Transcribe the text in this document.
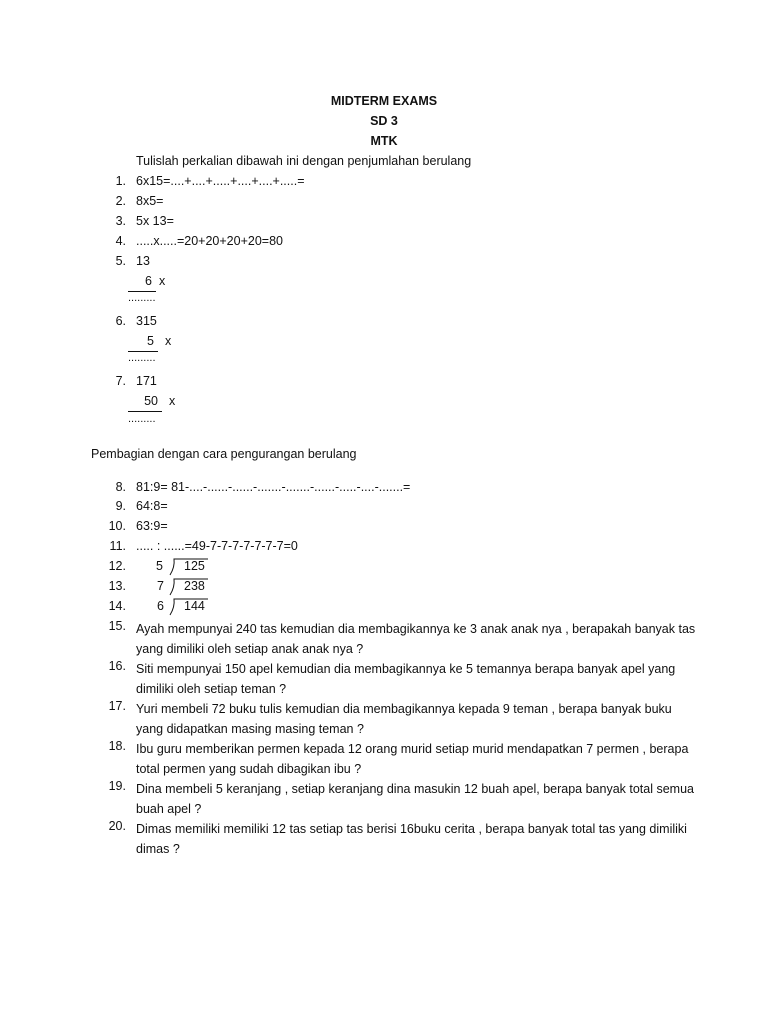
MIDTERM EXAMS
SD 3
MTK
Tulislah perkalian dibawah ini dengan penjumlahan berulang
1. 6x15=....+....+.....+....+....+.....=
2. 8x5=
3. 5x 13=
4. .....x.....=20+20+20+20=80
5. 13
6 x
.........
6. 315
5 x
.........
7. 171
50 x
.........
Pembagian dengan cara pengurangan berulang
8. 81:9= 81-....-......-......-.......-.......-......-.....-....-.......=
9. 64:8=
10. 63:9=
11. ..... : ......=49-7-7-7-7-7-7-7=0
12. 5 125
13. 7 238
14. 6 144
15. Ayah mempunyai 240 tas kemudian dia membagikannya ke 3 anak anak nya , berapakah banyak tas yang dimiliki oleh setiap anak anak nya ?
16. Siti mempunyai 150 apel kemudian dia membagikannya ke 5 temannya berapa banyak apel yang dimiliki oleh setiap teman ?
17. Yuri membeli 72 buku tulis kemudian dia membagikannya kepada 9 teman , berapa banyak buku yang didapatkan masing masing teman ?
18. Ibu guru memberikan permen kepada 12 orang murid setiap murid mendapatkan 7 permen , berapa total permen yang sudah dibagikan ibu ?
19. Dina membeli 5 keranjang , setiap keranjang dina masukin 12 buah apel, berapa banyak total semua buah apel ?
20. Dimas memiliki memiliki 12 tas setiap tas berisi 16buku cerita , berapa banyak total tas yang dimiliki dimas ?
